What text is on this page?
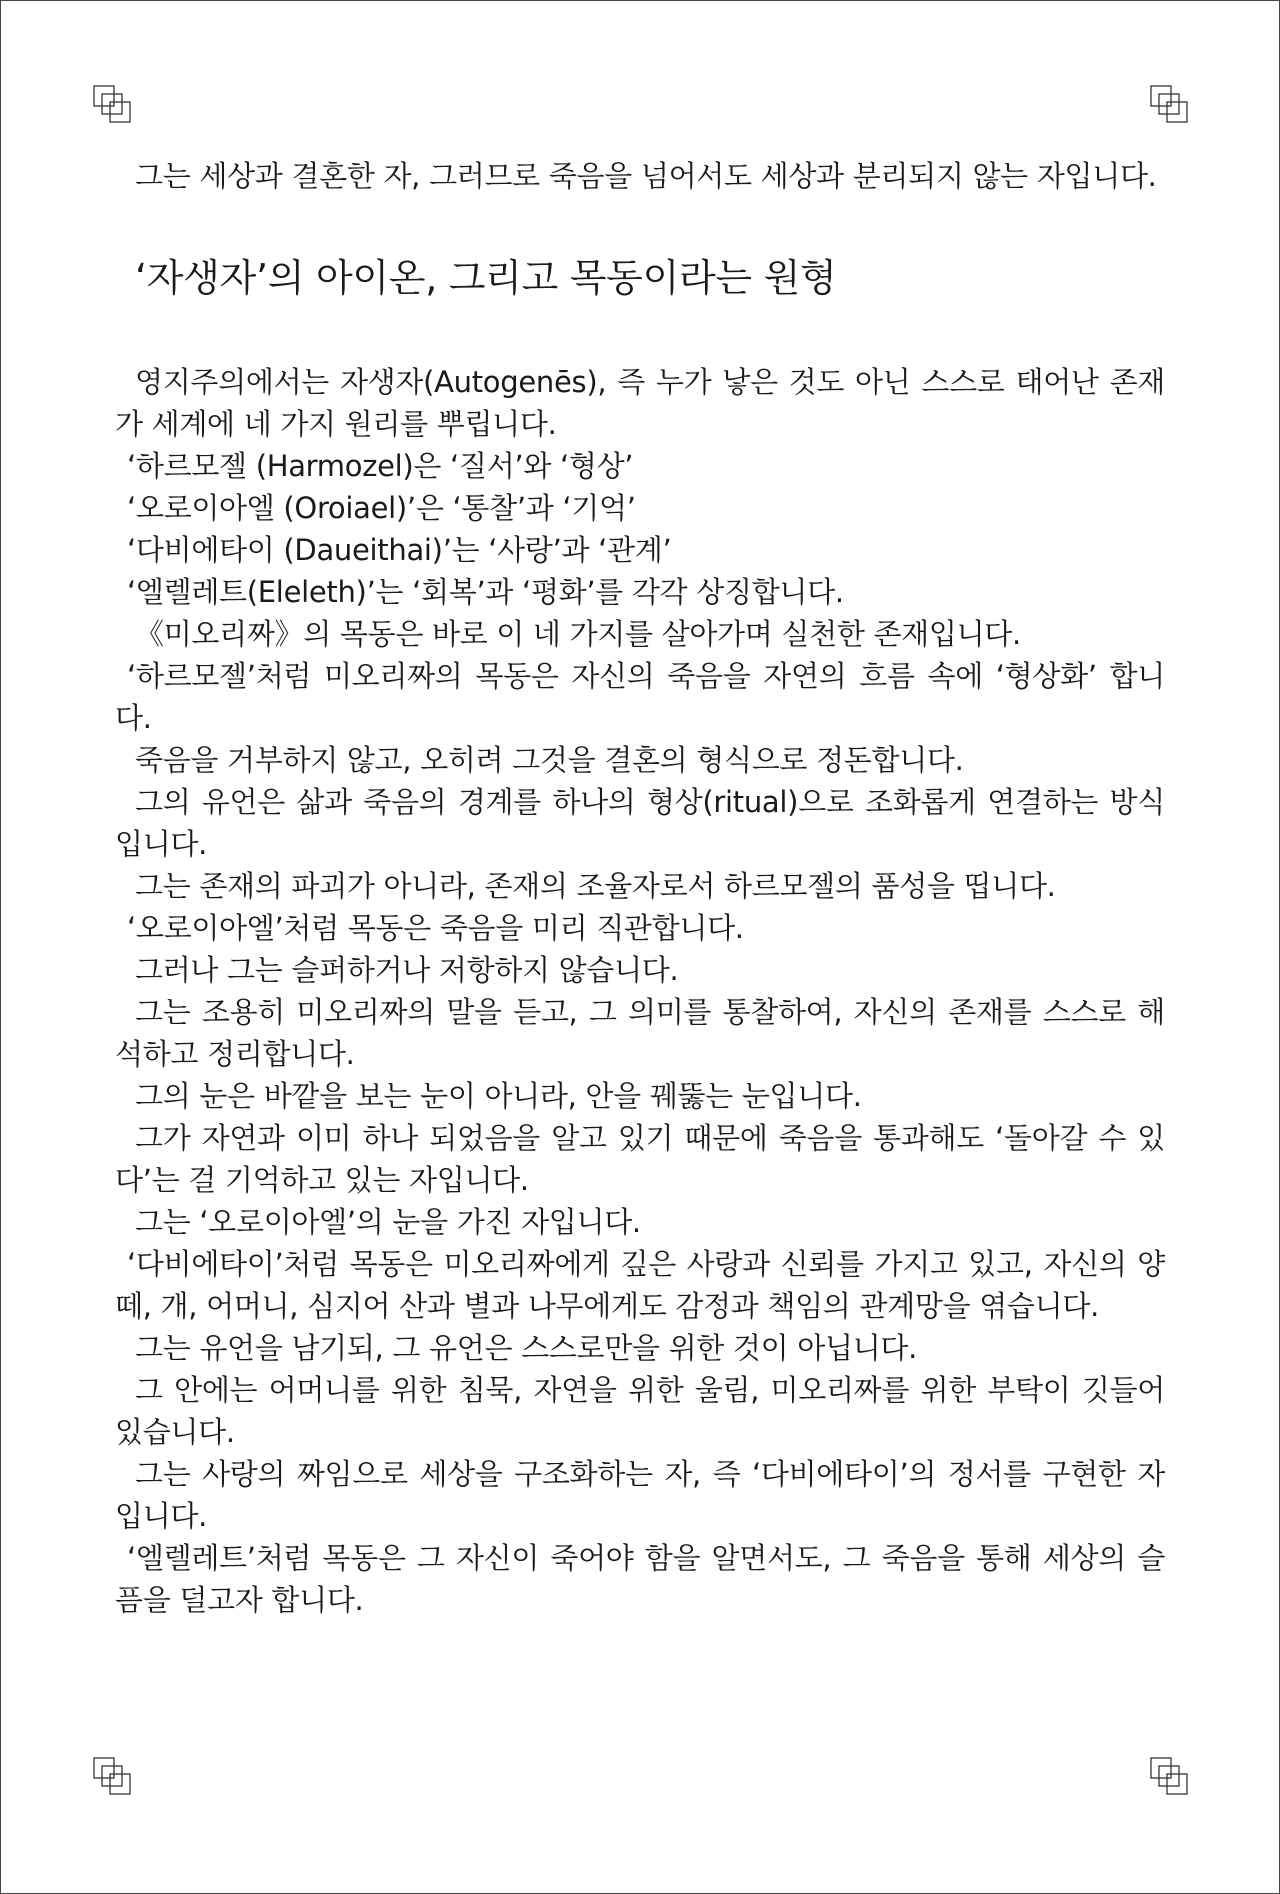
그는 세상과 결혼한 자, 그러므로 죽음을 넘어서도 세상과 분리되지 않는 자입니다.

‘자생자’의 아이온, 그리고 목동이라는 원형

영지주의에서는 자생자(Autogenēs), 즉 누가 낳은 것도 아닌 스스로 태어난 존재가 세계에 네 가지 원리를 뿌립니다.

‘하르모젤 (Harmozel)은 ‘질서’와 ‘형상’

‘오로이아엘 (Oroiael)’은 ‘통찰’과 ‘기억’

‘다비에타이 (Daueithai)’는 ‘사랑’과 ‘관계’

‘엘렐레트(Eleleth)’는 ‘회복’과 ‘평화’를 각각 상징합니다.

《미오리짜》의 목동은 바로 이 네 가지를 살아가며 실천한 존재입니다.

‘하르모젤’처럼 미오리짜의 목동은 자신의 죽음을 자연의 흐름 속에 ‘형상화’ 합니다.

죽음을 거부하지 않고, 오히려 그것을 결혼의 형식으로 정돈합니다.

그의 유언은 삶과 죽음의 경계를 하나의 형상(ritual)으로 조화롭게 연결하는 방식입니다.

그는 존재의 파괴가 아니라, 존재의 조율자로서 하르모젤의 품성을 띱니다.

‘오로이아엘’처럼 목동은 죽음을 미리 직관합니다.

그러나 그는 슬퍼하거나 저항하지 않습니다.

그는 조용히 미오리짜의 말을 듣고, 그 의미를 통찰하여, 자신의 존재를 스스로 해석하고 정리합니다.

그의 눈은 바깥을 보는 눈이 아니라, 안을 꿰뚫는 눈입니다.

그가 자연과 이미 하나 되었음을 알고 있기 때문에 죽음을 통과해도 ‘돌아갈 수 있다’는 걸 기억하고 있는 자입니다.

그는 ‘오로이아엘’의 눈을 가진 자입니다.

‘다비에타이’처럼 목동은 미오리짜에게 깊은 사랑과 신뢰를 가지고 있고, 자신의 양떼, 개, 어머니, 심지어 산과 별과 나무에게도 감정과 책임의 관계망을 엮습니다.

그는 유언을 남기되, 그 유언은 스스로만을 위한 것이 아닙니다.

그 안에는 어머니를 위한 침묵, 자연을 위한 울림, 미오리짜를 위한 부탁이 깃들어 있습니다.

그는 사랑의 짜임으로 세상을 구조화하는 자, 즉 ‘다비에타이’의 정서를 구현한 자입니다.

‘엘렐레트’처럼 목동은 그 자신이 죽어야 함을 알면서도, 그 죽음을 통해 세상의 슬픔을 덜고자 합니다.
